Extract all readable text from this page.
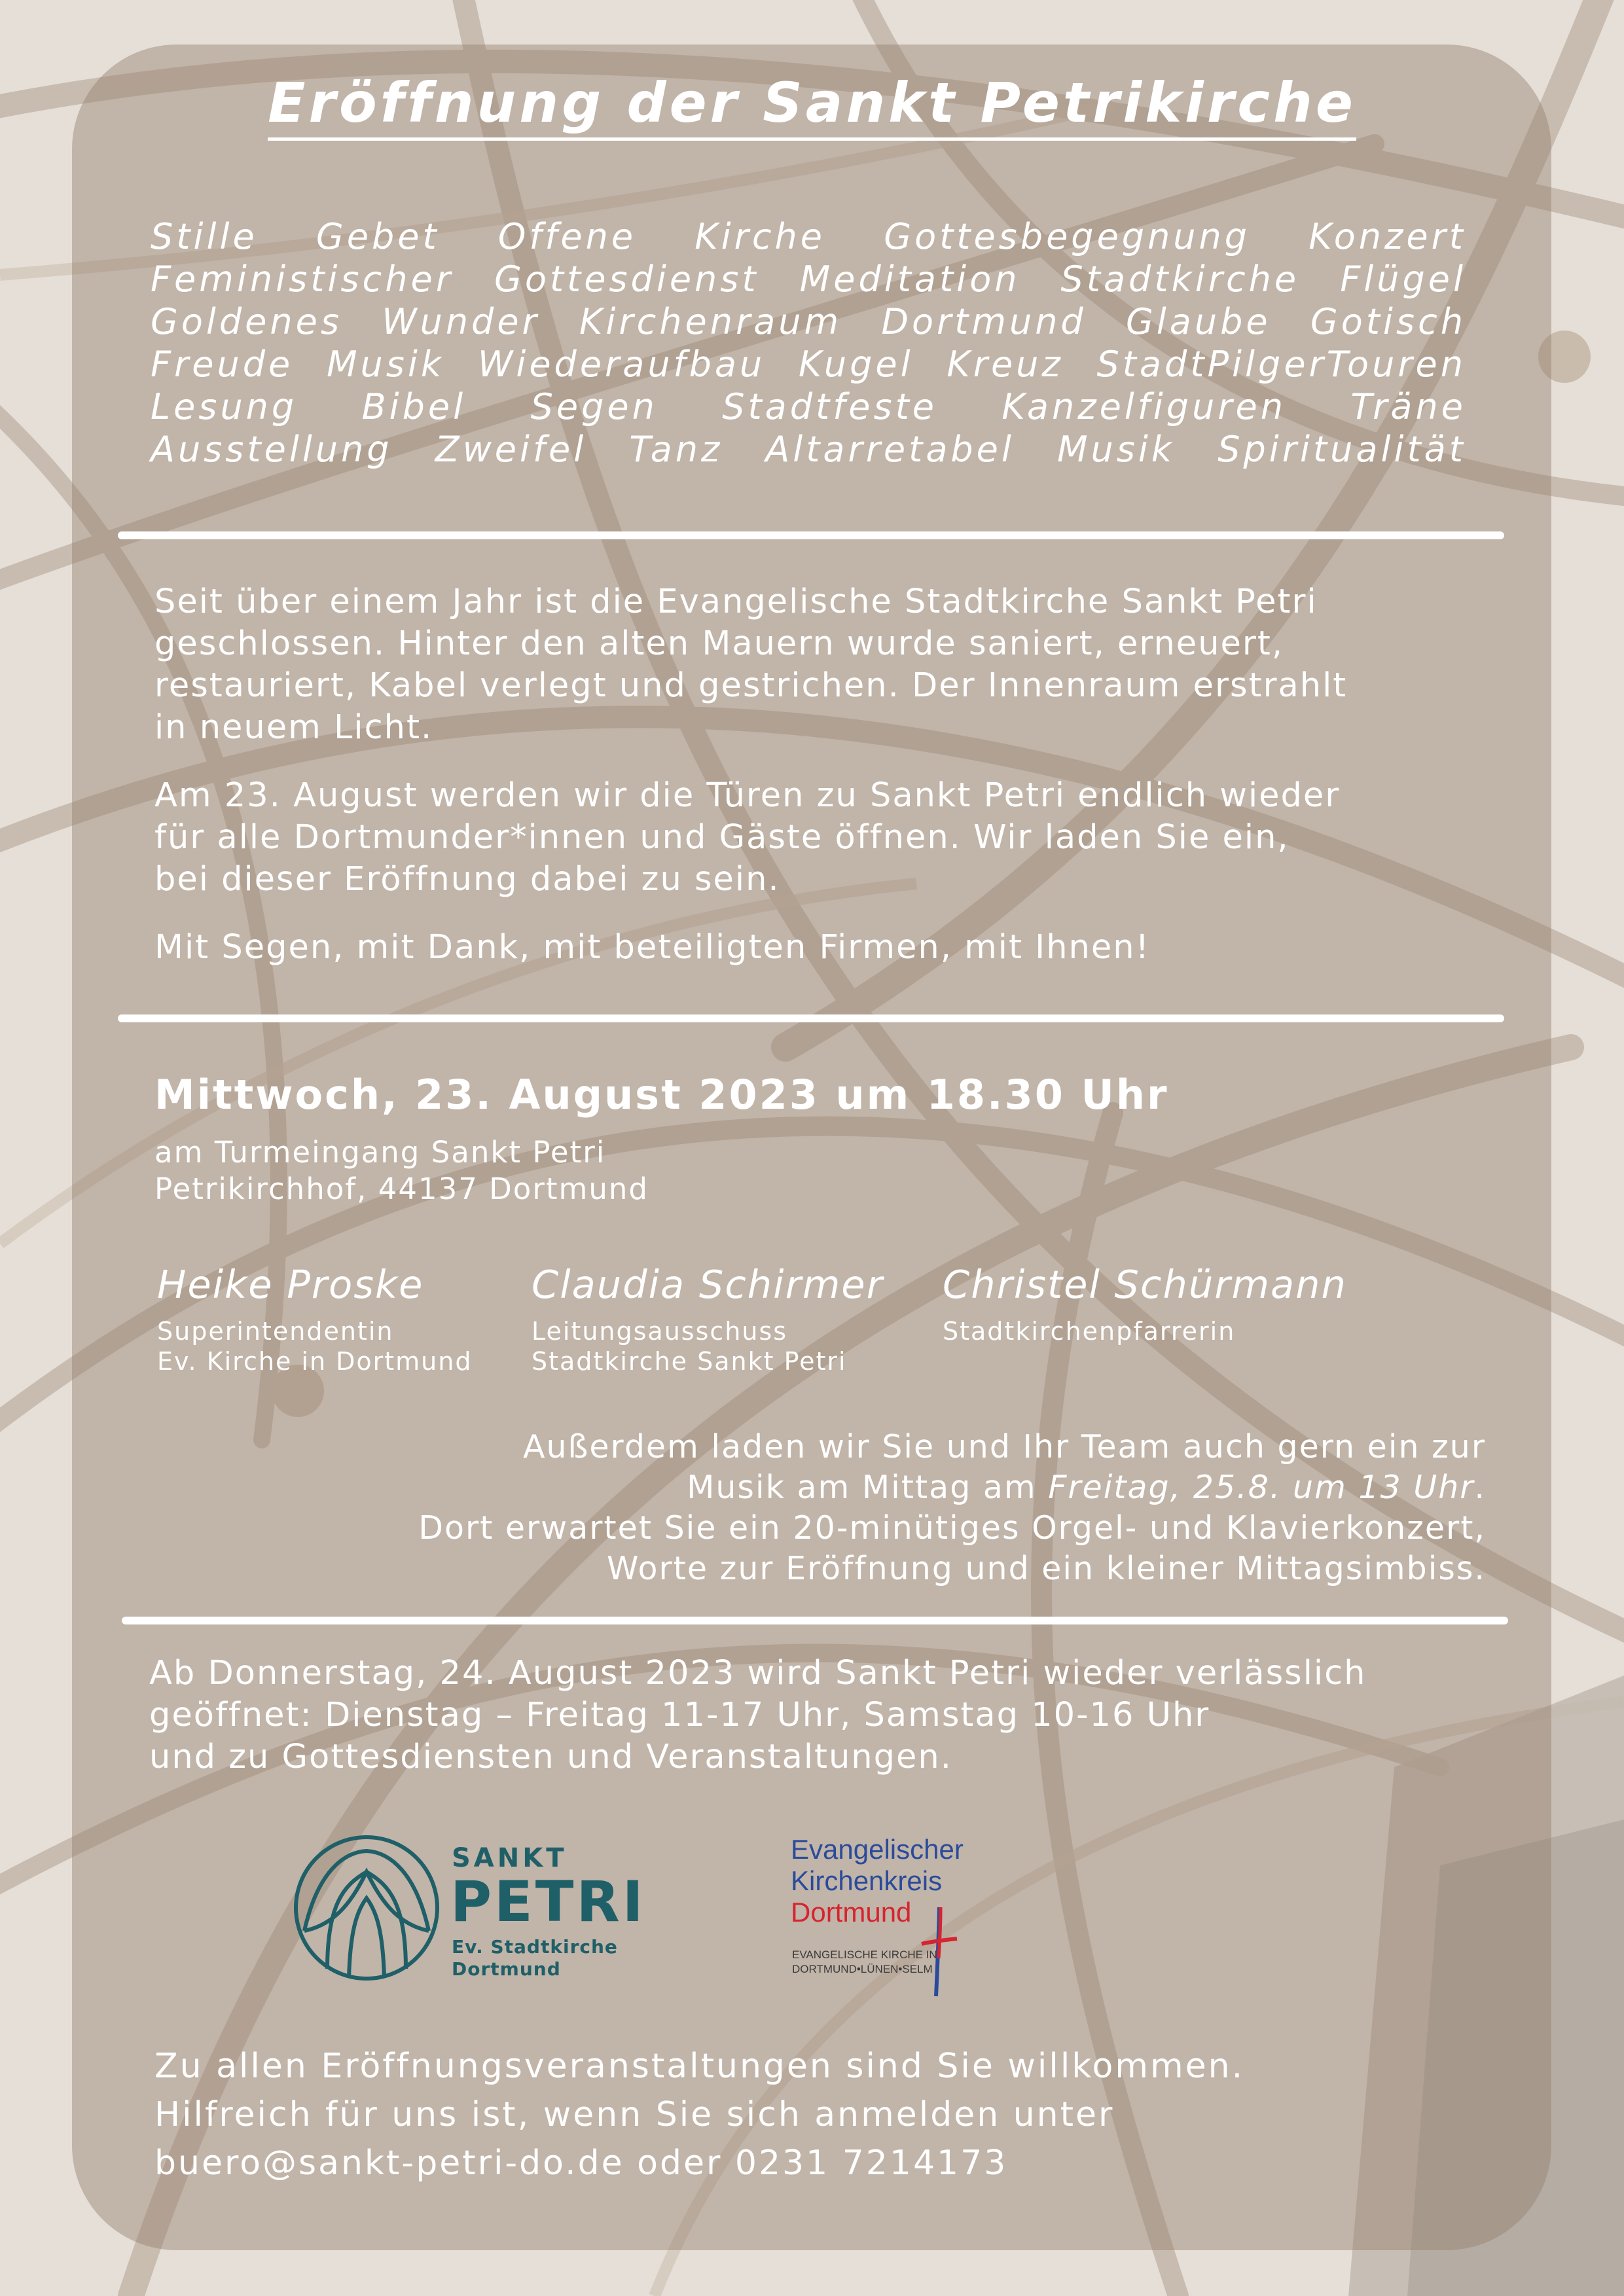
Eröffnung der Sankt Petrikirche
Stille Gebet Offene Kirche Gottesbegegnung Konzert
Feministischer Gottesdienst Meditation Stadtkirche Flügel
Goldenes Wunder Kirchenraum Dortmund Glaube Gotisch
Freude Musik Wiederaufbau Kugel Kreuz StadtPilgerTouren
Lesung Bibel Segen Stadtfeste Kanzelfiguren Träne
Ausstellung Zweifel Tanz Altarretabel Musik Spiritualität

Seit über einem Jahr ist die Evangelische Stadtkirche Sankt Petri
geschlossen. Hinter den alten Mauern wurde saniert, erneuert,
restauriert, Kabel verlegt und gestrichen. Der Innenraum erstrahlt
in neuem Licht.

Am 23. August werden wir die Türen zu Sankt Petri endlich wieder
für alle Dortmunder*innen und Gäste öffnen. Wir laden Sie ein,
bei dieser Eröffnung dabei zu sein.

Mit Segen, mit Dank, mit beteiligten Firmen, mit Ihnen!

Mittwoch, 23. August 2023 um 18.30 Uhr
am Turmeingang Sankt Petri
Petrikirchhof, 44137 Dortmund
Heike Proske
Superintendentin
Ev. Kirche in Dortmund
Claudia Schirmer
Leitungsausschuss
Stadtkirche Sankt Petri
Christel Schürmann
Stadtkirchenpfarrerin

Außerdem laden wir Sie und Ihr Team auch gern ein zur
Musik am Mittag am Freitag, 25.8. um 13 Uhr.
Dort erwartet Sie ein 20-minütiges Orgel- und Klavierkonzert,
Worte zur Eröffnung und ein kleiner Mittagsimbiss.
Ab Donnerstag, 24. August 2023 wird Sankt Petri wieder verlässlich
geöffnet: Dienstag – Freitag 11-17 Uhr, Samstag 10-16 Uhr
und zu Gottesdiensten und Veranstaltungen.
SANKT
PETRI
Ev. Stadtkirche
Dortmund
Evangelischer
Kirchenkreis
Dortmund
EVANGELISCHE KIRCHE IN
DORTMUND•LÜNEN•SELM
Zu allen Eröffnungsveranstaltungen sind Sie willkommen.
Hilfreich für uns ist, wenn Sie sich anmelden unter
buero@sankt-petri-do.de oder 0231 7214173
